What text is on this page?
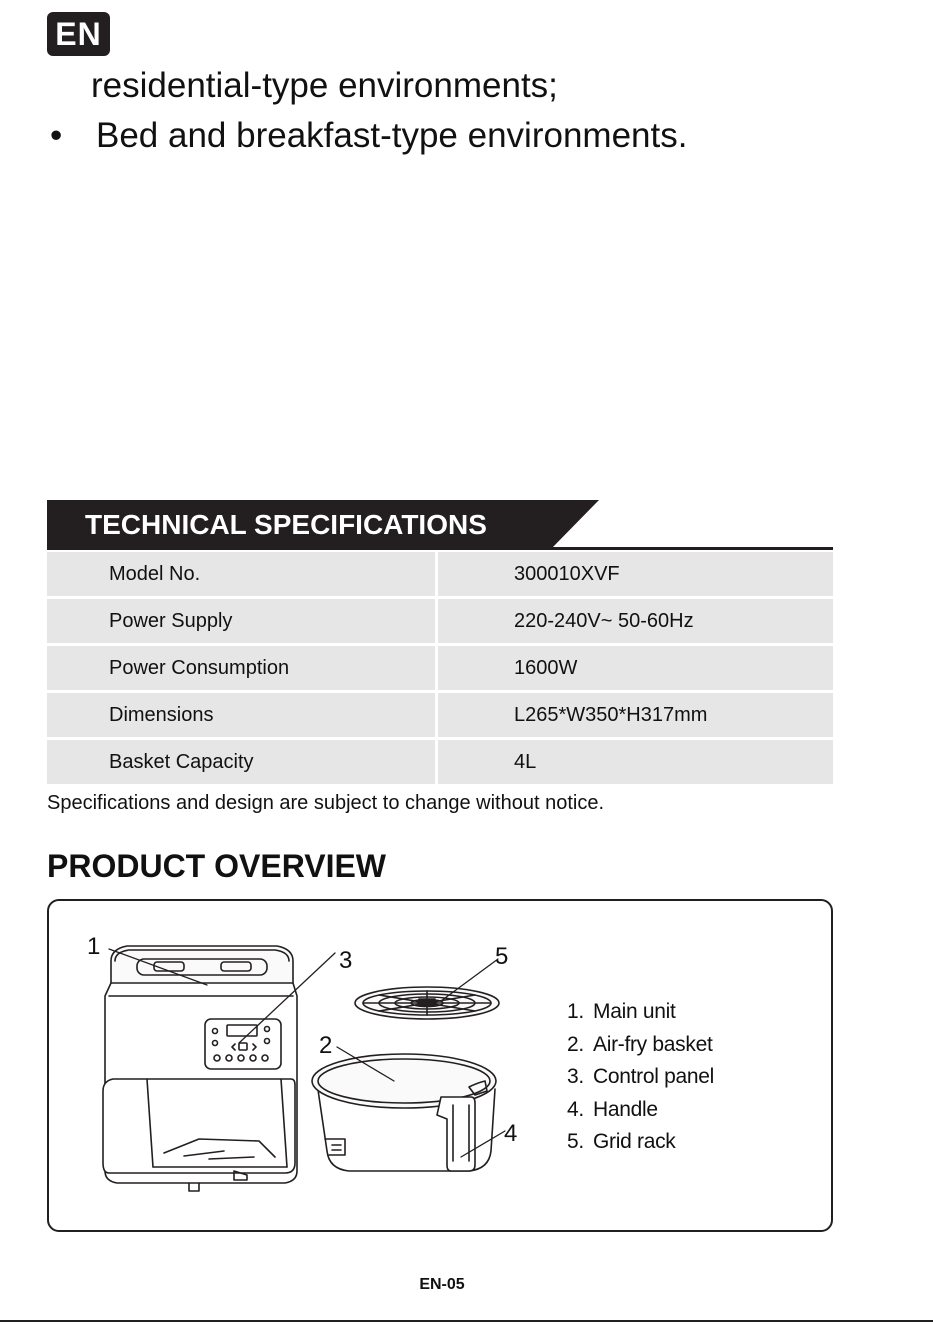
EN
residential-type environments;
• Bed and breakfast-type environments.
TECHNICAL SPECIFICATIONS
Model No.	300010XVF
Power Supply	220-240V~ 50-60Hz
Power Consumption	1600W
Dimensions	L265*W350*H317mm
Basket Capacity	4L
Specifications and design are subject to change without notice.
PRODUCT OVERVIEW
1
2
3
4
5
1. Main unit
2. Air-fry basket
3. Control panel
4. Handle
5. Grid rack
EN-05
